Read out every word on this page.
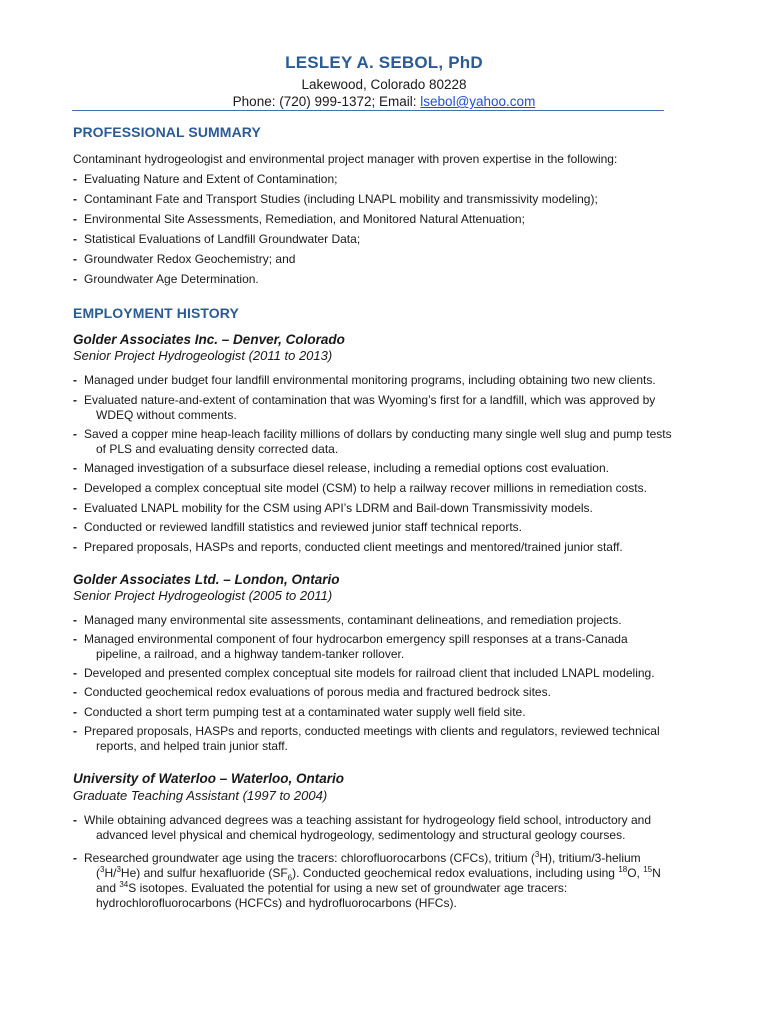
LESLEY A. SEBOL, PhD
Lakewood, Colorado 80228
Phone: (720) 999-1372; Email: lsebol@yahoo.com
PROFESSIONAL SUMMARY
Contaminant hydrogeologist and environmental project manager with proven expertise in the following:
- Evaluating Nature and Extent of Contamination;
- Contaminant Fate and Transport Studies (including LNAPL mobility and transmissivity modeling);
- Environmental Site Assessments, Remediation, and Monitored Natural Attenuation;
- Statistical Evaluations of Landfill Groundwater Data;
- Groundwater Redox Geochemistry; and
- Groundwater Age Determination.
EMPLOYMENT HISTORY
Golder Associates Inc. – Denver, Colorado
Senior Project Hydrogeologist (2011 to 2013)
- Managed under budget four landfill environmental monitoring programs, including obtaining two new clients.
- Evaluated nature-and-extent of contamination that was Wyoming’s first for a landfill, which was approved by
WDEQ without comments.
- Saved a copper mine heap-leach facility millions of dollars by conducting many single well slug and pump tests
of PLS and evaluating density corrected data.
- Managed investigation of a subsurface diesel release, including a remedial options cost evaluation.
- Developed a complex conceptual site model (CSM) to help a railway recover millions in remediation costs.
- Evaluated LNAPL mobility for the CSM using API’s LDRM and Bail-down Transmissivity models.
- Conducted or reviewed landfill statistics and reviewed junior staff technical reports.
- Prepared proposals, HASPs and reports, conducted client meetings and mentored/trained junior staff.
Golder Associates Ltd. – London, Ontario
Senior Project Hydrogeologist (2005 to 2011)
- Managed many environmental site assessments, contaminant delineations, and remediation projects.
- Managed environmental component of four hydrocarbon emergency spill responses at a trans-Canada
pipeline, a railroad, and a highway tandem-tanker rollover.
- Developed and presented complex conceptual site models for railroad client that included LNAPL modeling.
- Conducted geochemical redox evaluations of porous media and fractured bedrock sites.
- Conducted a short term pumping test at a contaminated water supply well field site.
- Prepared proposals, HASPs and reports, conducted meetings with clients and regulators, reviewed technical
reports, and helped train junior staff.
University of Waterloo – Waterloo, Ontario
Graduate Teaching Assistant (1997 to 2004)
- While obtaining advanced degrees was a teaching assistant for hydrogeology field school, introductory and
advanced level physical and chemical hydrogeology, sedimentology and structural geology courses.
- Researched groundwater age using the tracers: chlorofluorocarbons (CFCs), tritium ($^3$H), tritium/3-helium
($^3$H/$^3$He) and sulfur hexafluoride $(SF_6)$. Conducted geochemical redox evaluations, including using $^{18}$O, $^{15}$N
and $^{34}$S isotopes. Evaluated the potential for using a new set of groundwater age tracers:
hydrochlorofluorocarbons (HCFCs) and hydrofluorocarbons (HFCs).
